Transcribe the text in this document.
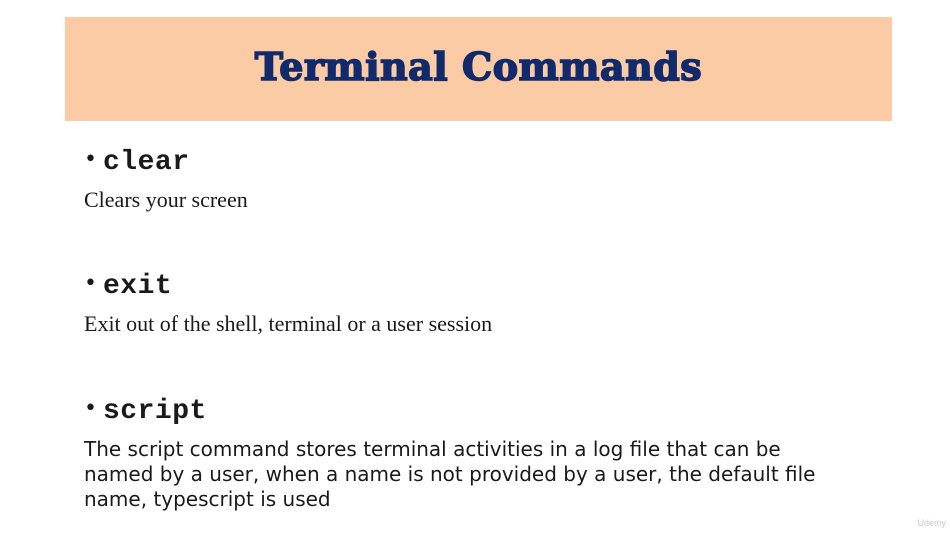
Terminal Commands
• clear
Clears your screen
• exit
Exit out of the shell, terminal or a user session
• script
The script command stores terminal activities in a log file that can be named by a user, when a name is not provided by a user, the default file name, typescript is used
Udemy
